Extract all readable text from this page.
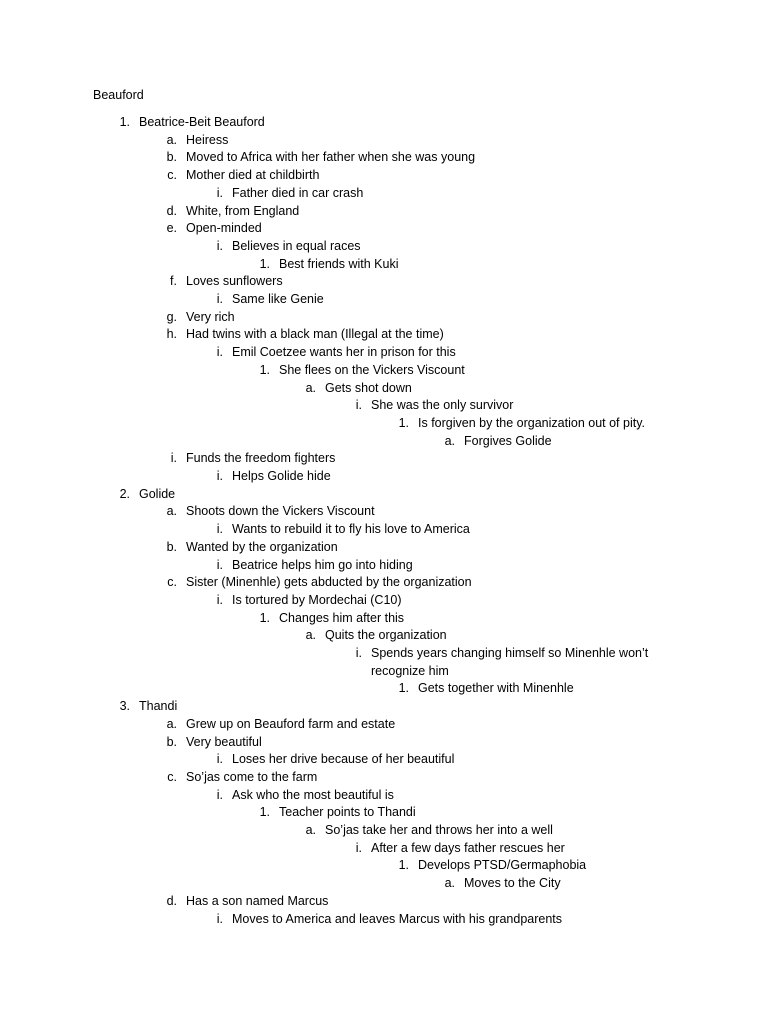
Beauford
1. Beatrice-Beit Beauford
a. Heiress
b. Moved to Africa with her father when she was young
c. Mother died at childbirth
i. Father died in car crash
d. White, from England
e. Open-minded
i. Believes in equal races
1. Best friends with Kuki
f. Loves sunflowers
i. Same like Genie
g. Very rich
h. Had twins with a black man (Illegal at the time)
i. Emil Coetzee wants her in prison for this
1. She flees on the Vickers Viscount
a. Gets shot down
i. She was the only survivor
1. Is forgiven by the organization out of pity.
a. Forgives Golide
i. Funds the freedom fighters
i. Helps Golide hide
2. Golide
a. Shoots down the Vickers Viscount
i. Wants to rebuild it to fly his love to America
b. Wanted by the organization
i. Beatrice helps him go into hiding
c. Sister (Minenhle) gets abducted by the organization
i. Is tortured by Mordechai (C10)
1. Changes him after this
a. Quits the organization
i. Spends years changing himself so Minenhle won’t
recognize him
1. Gets together with Minenhle
3. Thandi
a. Grew up on Beauford farm and estate
b. Very beautiful
i. Loses her drive because of her beautiful
c. So’jas come to the farm
i. Ask who the most beautiful is
1. Teacher points to Thandi
a. So’jas take her and throws her into a well
i. After a few days father rescues her
1. Develops PTSD/Germaphobia
a. Moves to the City
d. Has a son named Marcus
i. Moves to America and leaves Marcus with his grandparents
